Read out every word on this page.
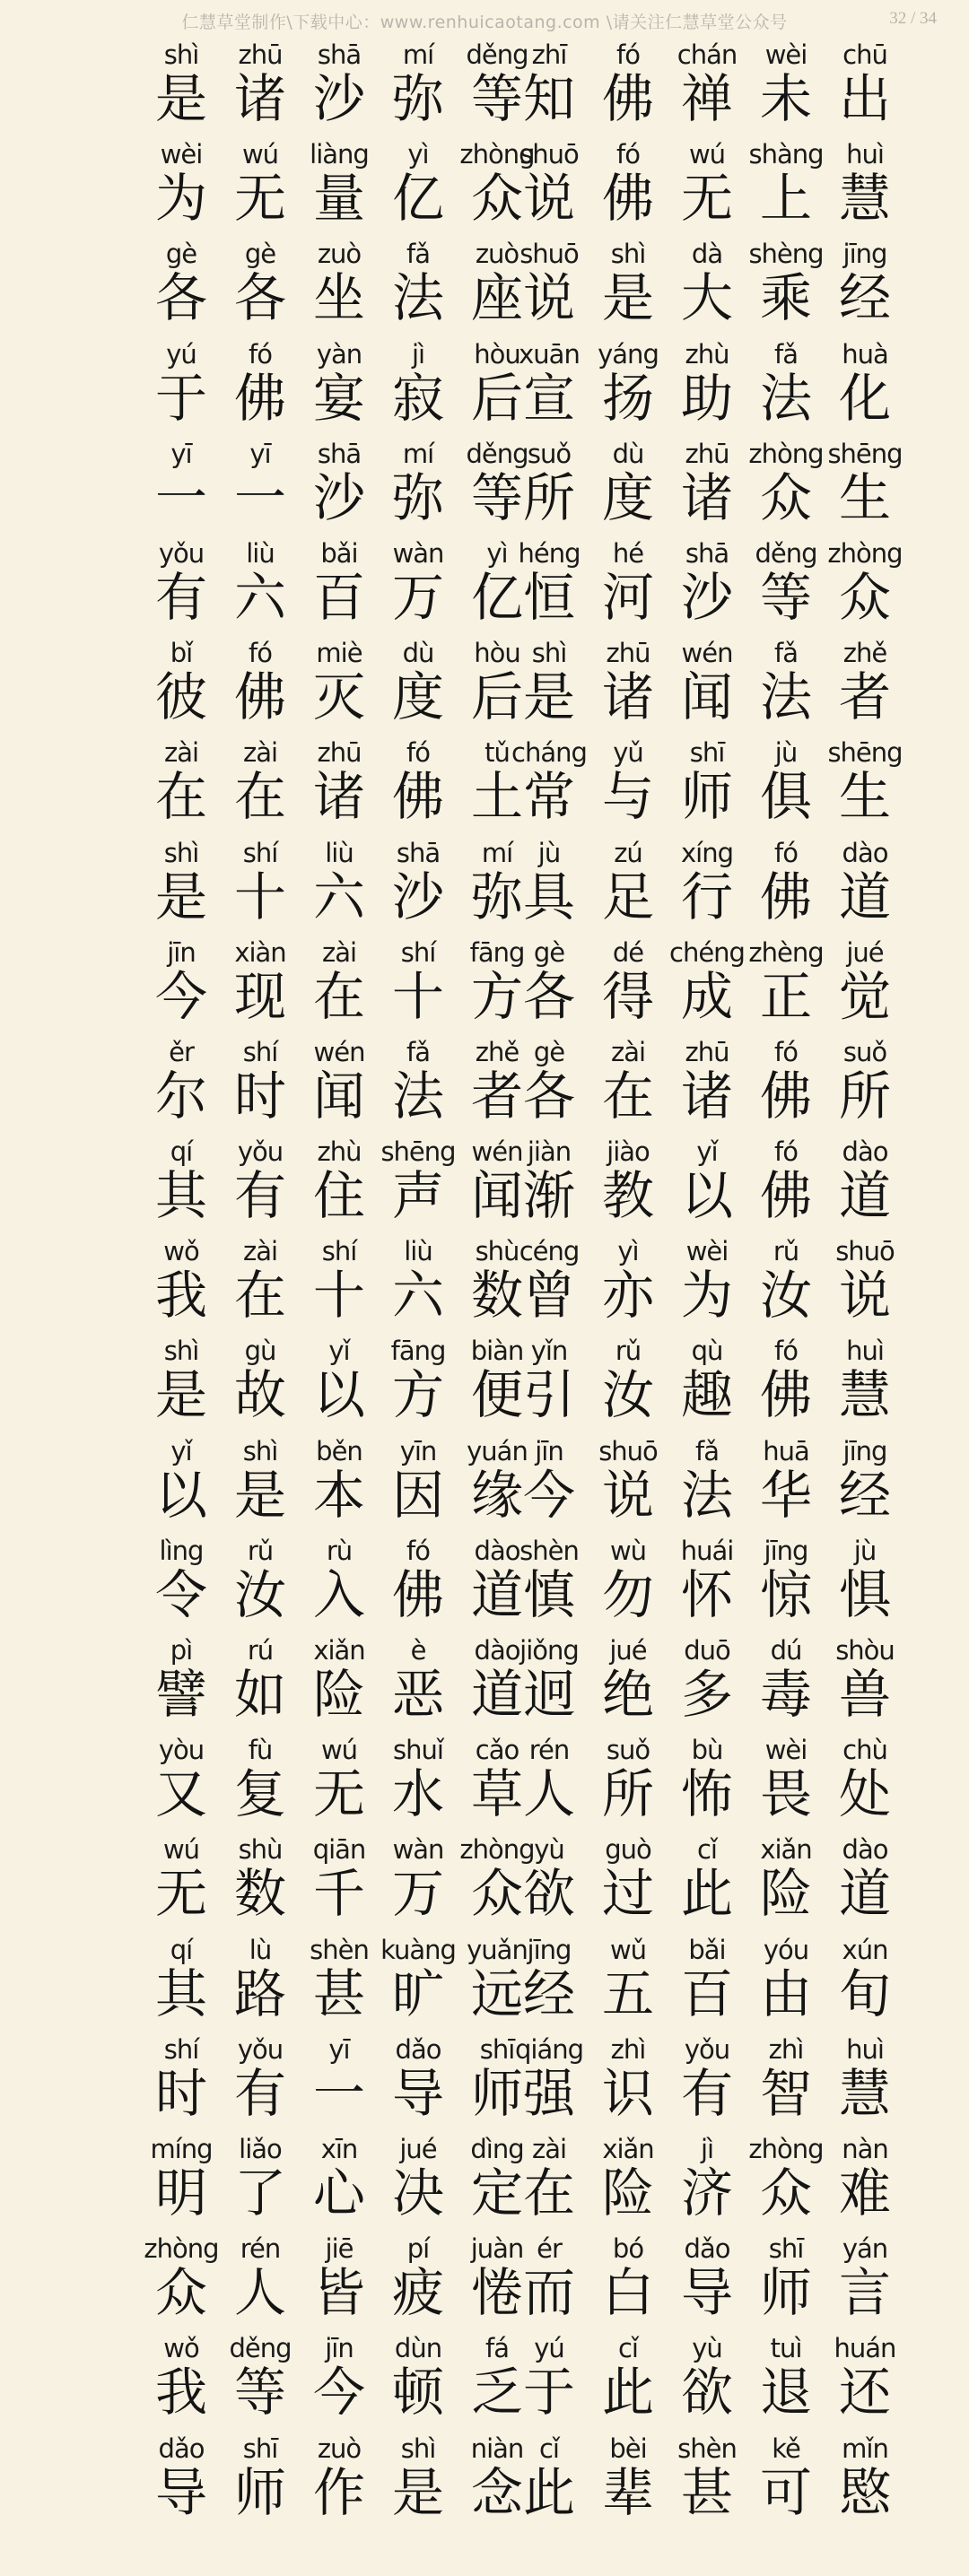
仁慧草堂制作\下载中心：www.renhuicaotang.com \请关注仁慧草堂公众号	32 / 34
shì
是
zhū
诸
shā
沙
mí
弥
děng
等
zhī
知
fó
佛
chán
禅
wèi
未
chū
出
wèi
为
wú
无
liàng
量
yì
亿
zhòng
众
shuō
说
fó
佛
wú
无
shàng
上
huì
慧
gè
各
gè
各
zuò
坐
fǎ
法
zuò
座
shuō
说
shì
是
dà
大
shèng
乘
jīng
经
yú
于
fó
佛
yàn
宴
jì
寂
hòu
后
xuān
宣
yáng
扬
zhù
助
fǎ
法
huà
化
yī
一
yī
一
shā
沙
mí
弥
děng
等
suǒ
所
dù
度
zhū
诸
zhòng
众
shēng
生
yǒu
有
liù
六
bǎi
百
wàn
万
yì
亿
héng
恒
hé
河
shā
沙
děng
等
zhòng
众
bǐ
彼
fó
佛
miè
灭
dù
度
hòu
后
shì
是
zhū
诸
wén
闻
fǎ
法
zhě
者
zài
在
zài
在
zhū
诸
fó
佛
tǔ
土
cháng
常
yǔ
与
shī
师
jù
俱
shēng
生
shì
是
shí
十
liù
六
shā
沙
mí
弥
jù
具
zú
足
xíng
行
fó
佛
dào
道
jīn
今
xiàn
现
zài
在
shí
十
fāng
方
gè
各
dé
得
chéng
成
zhèng
正
jué
觉
ěr
尔
shí
时
wén
闻
fǎ
法
zhě
者
gè
各
zài
在
zhū
诸
fó
佛
suǒ
所
qí
其
yǒu
有
zhù
住
shēng
声
wén
闻
jiàn
渐
jiào
教
yǐ
以
fó
佛
dào
道
wǒ
我
zài
在
shí
十
liù
六
shù
数
céng
曾
yì
亦
wèi
为
rǔ
汝
shuō
说
shì
是
gù
故
yǐ
以
fāng
方
biàn
便
yǐn
引
rǔ
汝
qù
趣
fó
佛
huì
慧
yǐ
以
shì
是
běn
本
yīn
因
yuán
缘
jīn
今
shuō
说
fǎ
法
huā
华
jīng
经
lìng
令
rǔ
汝
rù
入
fó
佛
dào
道
shèn
慎
wù
勿
huái
怀
jīng
惊
jù
惧
pì
譬
rú
如
xiǎn
险
è
恶
dào
道
jiǒng
迥
jué
绝
duō
多
dú
毒
shòu
兽
yòu
又
fù
复
wú
无
shuǐ
水
cǎo
草
rén
人
suǒ
所
bù
怖
wèi
畏
chù
处
wú
无
shù
数
qiān
千
wàn
万
zhòng
众
yù
欲
guò
过
cǐ
此
xiǎn
险
dào
道
qí
其
lù
路
shèn
甚
kuàng
旷
yuǎn
远
jīng
经
wǔ
五
bǎi
百
yóu
由
xún
旬
shí
时
yǒu
有
yī
一
dǎo
导
shī
师
qiáng
强
zhì
识
yǒu
有
zhì
智
huì
慧
míng
明
liǎo
了
xīn
心
jué
决
dìng
定
zài
在
xiǎn
险
jì
济
zhòng
众
nàn
难
zhòng
众
rén
人
jiē
皆
pí
疲
juàn
惓
ér
而
bó
白
dǎo
导
shī
师
yán
言
wǒ
我
děng
等
jīn
今
dùn
顿
fá
乏
yú
于
cǐ
此
yù
欲
tuì
退
huán
还
dǎo
导
shī
师
zuò
作
shì
是
niàn
念
cǐ
此
bèi
辈
shèn
甚
kě
可
mǐn
愍
